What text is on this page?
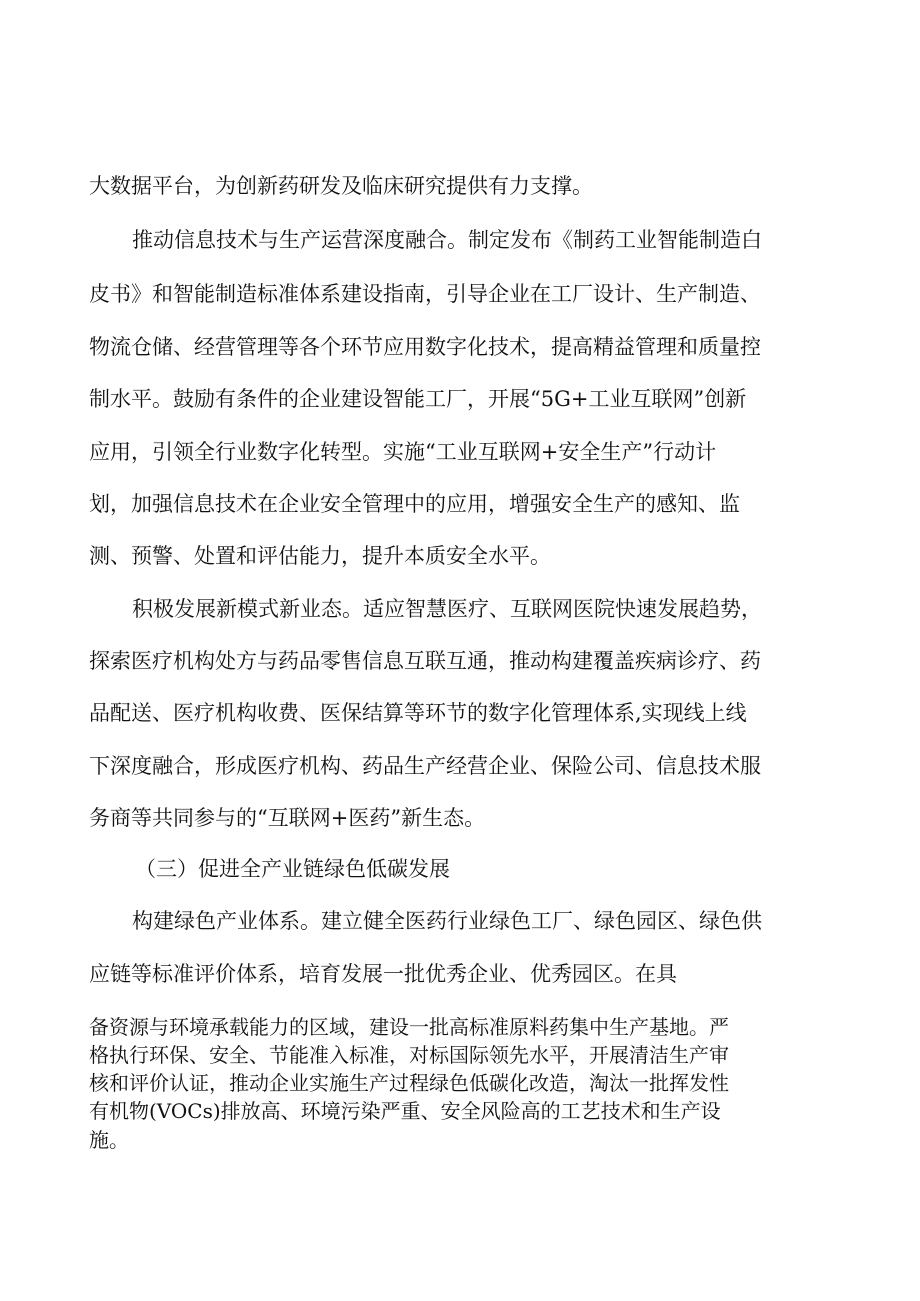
大数据平台，为创新药研发及临床研究提供有力支撑。
推动信息技术与生产运营深度融合。制定发布《制药工业智能制造白
皮书》和智能制造标准体系建设指南，引导企业在工厂设计、生产制造、
物流仓储、经营管理等各个环节应用数字化技术，提高精益管理和质量控
制水平。鼓励有条件的企业建设智能工厂，开展“5G+工业互联网”创新
应用，引领全行业数字化转型。实施“工业互联网+安全生产”行动计
划，加强信息技术在企业安全管理中的应用，增强安全生产的感知、监
测、预警、处置和评估能力，提升本质安全水平。
积极发展新模式新业态。适应智慧医疗、互联网医院快速发展趋势，
探索医疗机构处方与药品零售信息互联互通，推动构建覆盖疾病诊疗、药
品配送、医疗机构收费、医保结算等环节的数字化管理体系,实现线上线
下深度融合，形成医疗机构、药品生产经营企业、保险公司、信息技术服
务商等共同参与的“互联网+医药”新生态。
（三）促进全产业链绿色低碳发展
构建绿色产业体系。建立健全医药行业绿色工厂、绿色园区、绿色供
应链等标准评价体系，培育发展一批优秀企业、优秀园区。在具
备资源与环境承载能力的区域，建设一批高标准原料药集中生产基地。严
格执行环保、安全、节能准入标准，对标国际领先水平，开展清洁生产审
核和评价认证，推动企业实施生产过程绿色低碳化改造，淘汰一批挥发性
有机物(VOCs)排放高、环境污染严重、安全风险高的工艺技术和生产设
施。
